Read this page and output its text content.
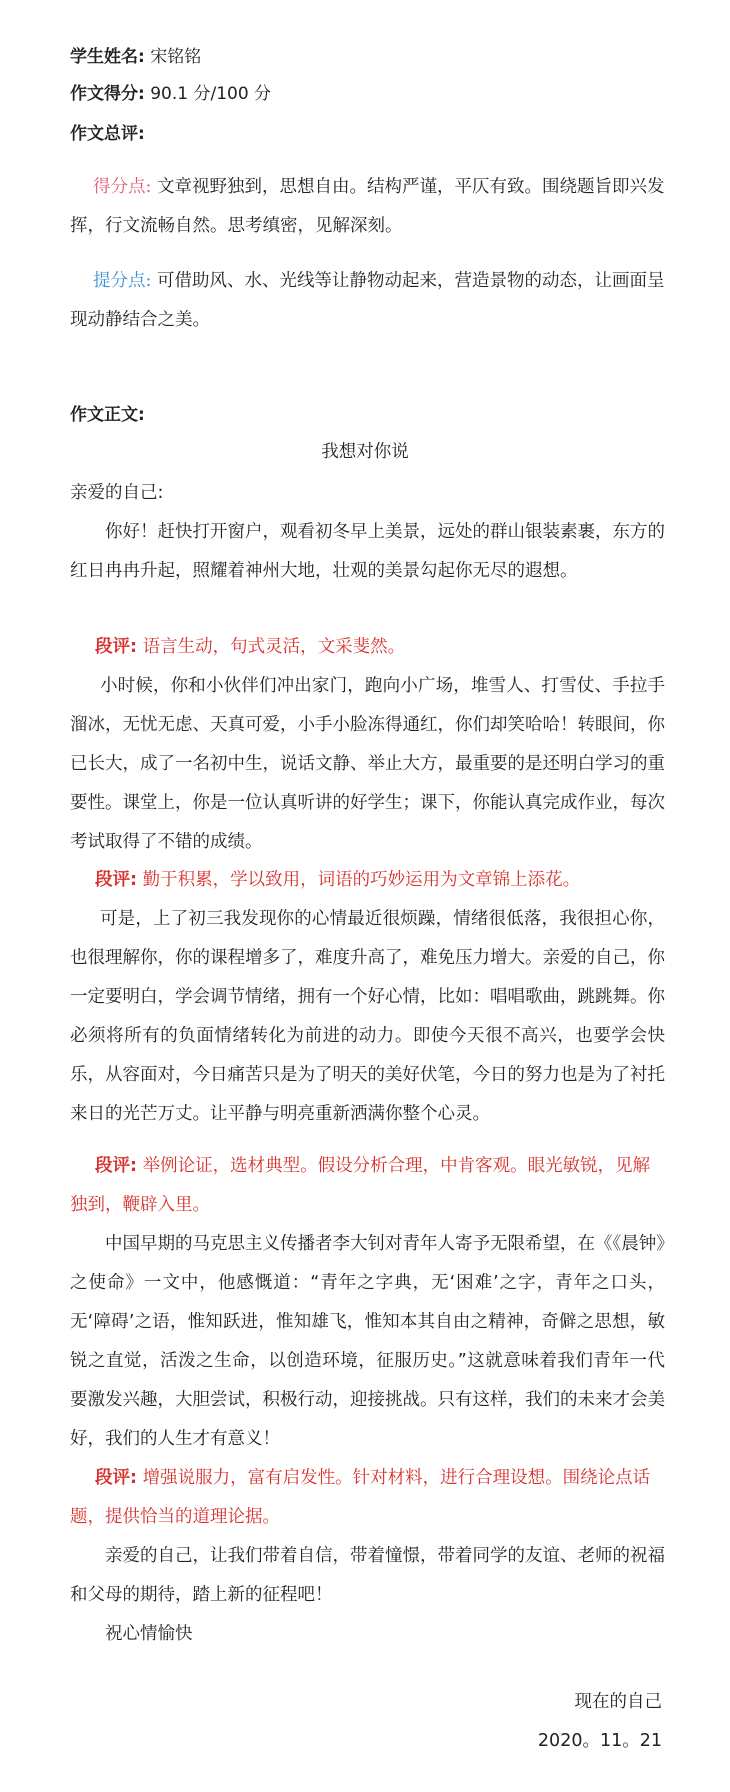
学生姓名: 宋铭铭
作文得分: 90.1 分/100 分
作文总评:
得分点: 文章视野独到，思想自由。结构严谨，平仄有致。围绕题旨即兴发挥，行文流畅自然。思考缜密，见解深刻。
提分点: 可借助风、水、光线等让静物动起来，营造景物的动态，让画面呈现动静结合之美。
作文正文:
我想对你说
亲爱的自己:
你好！赶快打开窗户，观看初冬早上美景，远处的群山银装素裹，东方的红日冉冉升起，照耀着神州大地，壮观的美景勾起你无尽的遐想。
段评: 语言生动，句式灵活，文采斐然。
小时候，你和小伙伴们冲出家门，跑向小广场，堆雪人、打雪仗、手拉手溜冰，无忧无虑、天真可爱，小手小脸冻得通红，你们却笑哈哈！转眼间，你已长大，成了一名初中生，说话文静、举止大方，最重要的是还明白学习的重要性。课堂上，你是一位认真听讲的好学生；课下，你能认真完成作业，每次考试取得了不错的成绩。
段评: 勤于积累，学以致用，词语的巧妙运用为文章锦上添花。
可是，上了初三我发现你的心情最近很烦躁，情绪很低落，我很担心你，也很理解你，你的课程增多了，难度升高了，难免压力增大。亲爱的自己，你一定要明白，学会调节情绪，拥有一个好心情，比如：唱唱歌曲，跳跳舞。你必须将所有的负面情绪转化为前进的动力。即使今天很不高兴，也要学会快乐，从容面对，今日痛苦只是为了明天的美好伏笔，今日的努力也是为了衬托来日的光芒万丈。让平静与明亮重新洒满你整个心灵。
段评: 举例论证，选材典型。假设分析合理，中肯客观。眼光敏锐，见解独到，鞭辟入里。
中国早期的马克思主义传播者李大钊对青年人寄予无限希望，在《《晨钟》之使命》一文中，他感慨道：“青年之字典，无‘困难’之字，青年之口头，无‘障碍’之语，惟知跃进，惟知雄飞，惟知本其自由之精神，奇僻之思想，敏锐之直觉，活泼之生命，以创造环境，征服历史。”这就意味着我们青年一代要激发兴趣，大胆尝试，积极行动，迎接挑战。只有这样，我们的未来才会美好，我们的人生才有意义！
段评: 增强说服力，富有启发性。针对材料，进行合理设想。围绕论点话题，提供恰当的道理论据。
亲爱的自己，让我们带着自信，带着憧憬，带着同学的友谊、老师的祝福和父母的期待，踏上新的征程吧！
祝心情愉快
现在的自己
2020。11。21
